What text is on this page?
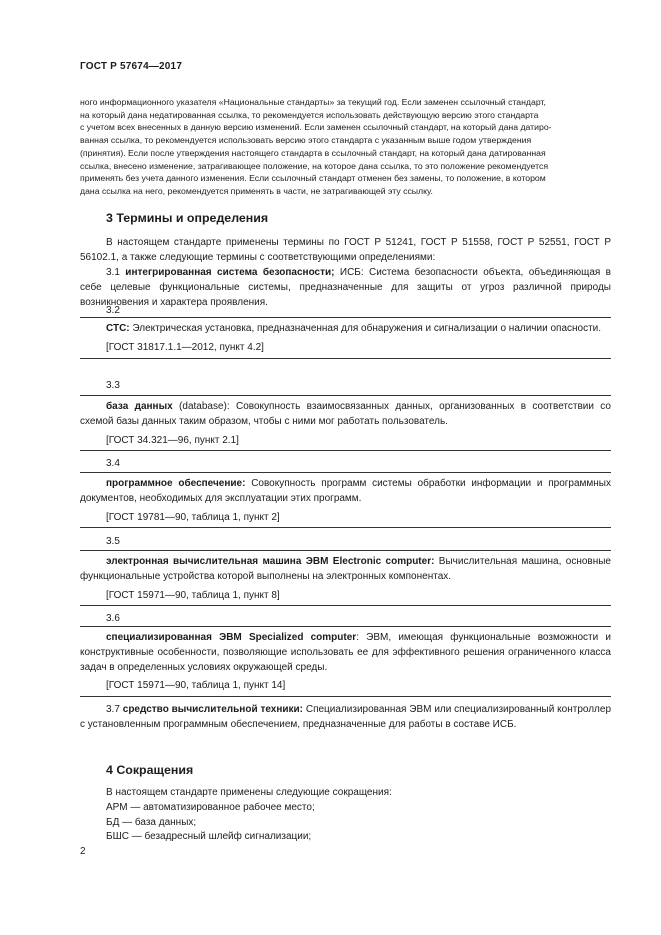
ГОСТ Р 57674—2017

ного информационного указателя «Национальные стандарты» за текущий год. Если заменен ссылочный стандарт,

на который дана недатированная ссылка, то рекомендуется использовать действующую версию этого стандарта

с учетом всех внесенных в данную версию изменений. Если заменен ссылочный стандарт, на который дана датиро-

ванная ссылка, то рекомендуется использовать версию этого стандарта с указанным выше годом утверждения

(принятия). Если после утверждения настоящего стандарта в ссылочный стандарт, на который дана датированная

ссылка, внесено изменение, затрагивающее положение, на которое дана ссылка, то это положение рекомендуется

применять без учета данного изменения. Если ссылочный стандарт отменен без замены, то положение, в котором

дана ссылка на него, рекомендуется применять в части, не затрагивающей эту ссылку.

3 Термины и определения

В настоящем стандарте применены термины по ГОСТ Р 51241, ГОСТ Р 51558, ГОСТ Р 52551, ГОСТ Р 56102.1, а также следующие термины с соответствующими определениями:

3.1 интегрированная система безопасности; ИСБ: Система безопасности объекта, объединяющая в себе целевые функциональные системы, предназначенные для защиты от угроз различной природы возникновения и характера проявления.

3.2

СТС: Электрическая установка, предназначенная для обнаружения и сигнализации о наличии опасности.

[ГОСТ 31817.1.1—2012, пункт 4.2]
3.3

база данных (database): Совокупность взаимосвязанных данных, организованных в соответствии со схемой базы данных таким образом, чтобы с ними мог работать пользователь.

[ГОСТ 34.321—96, пункт 2.1]
3.4

программное обеспечение: Совокупность программ системы обработки информации и программных документов, необходимых для эксплуатации этих программ.

[ГОСТ 19781—90, таблица 1, пункт 2]
3.5

электронная вычислительная машина ЭВМ Electronic computer: Вычислительная машина, основные функциональные устройства которой выполнены на электронных компонентах.

[ГОСТ 15971—90, таблица 1, пункт 8]
3.6

специализированная ЭВМ Specialized computer: ЭВМ, имеющая функциональные возможности и конструктивные особенности, позволяющие использовать ее для эффективного решения ограниченного класса задач в определенных условиях окружающей среды.

[ГОСТ 15971—90, таблица 1, пункт 14]

3.7 средство вычислительной техники: Специализированная ЭВМ или специализированный контроллер с установленным программным обеспечением, предназначенные для работы в составе ИСБ.

4 Сокращения
В настоящем стандарте применены следующие сокращения:
АРМ — автоматизированное рабочее место;
БД — база данных;
БШС — безадресный шлейф сигнализации;
2
